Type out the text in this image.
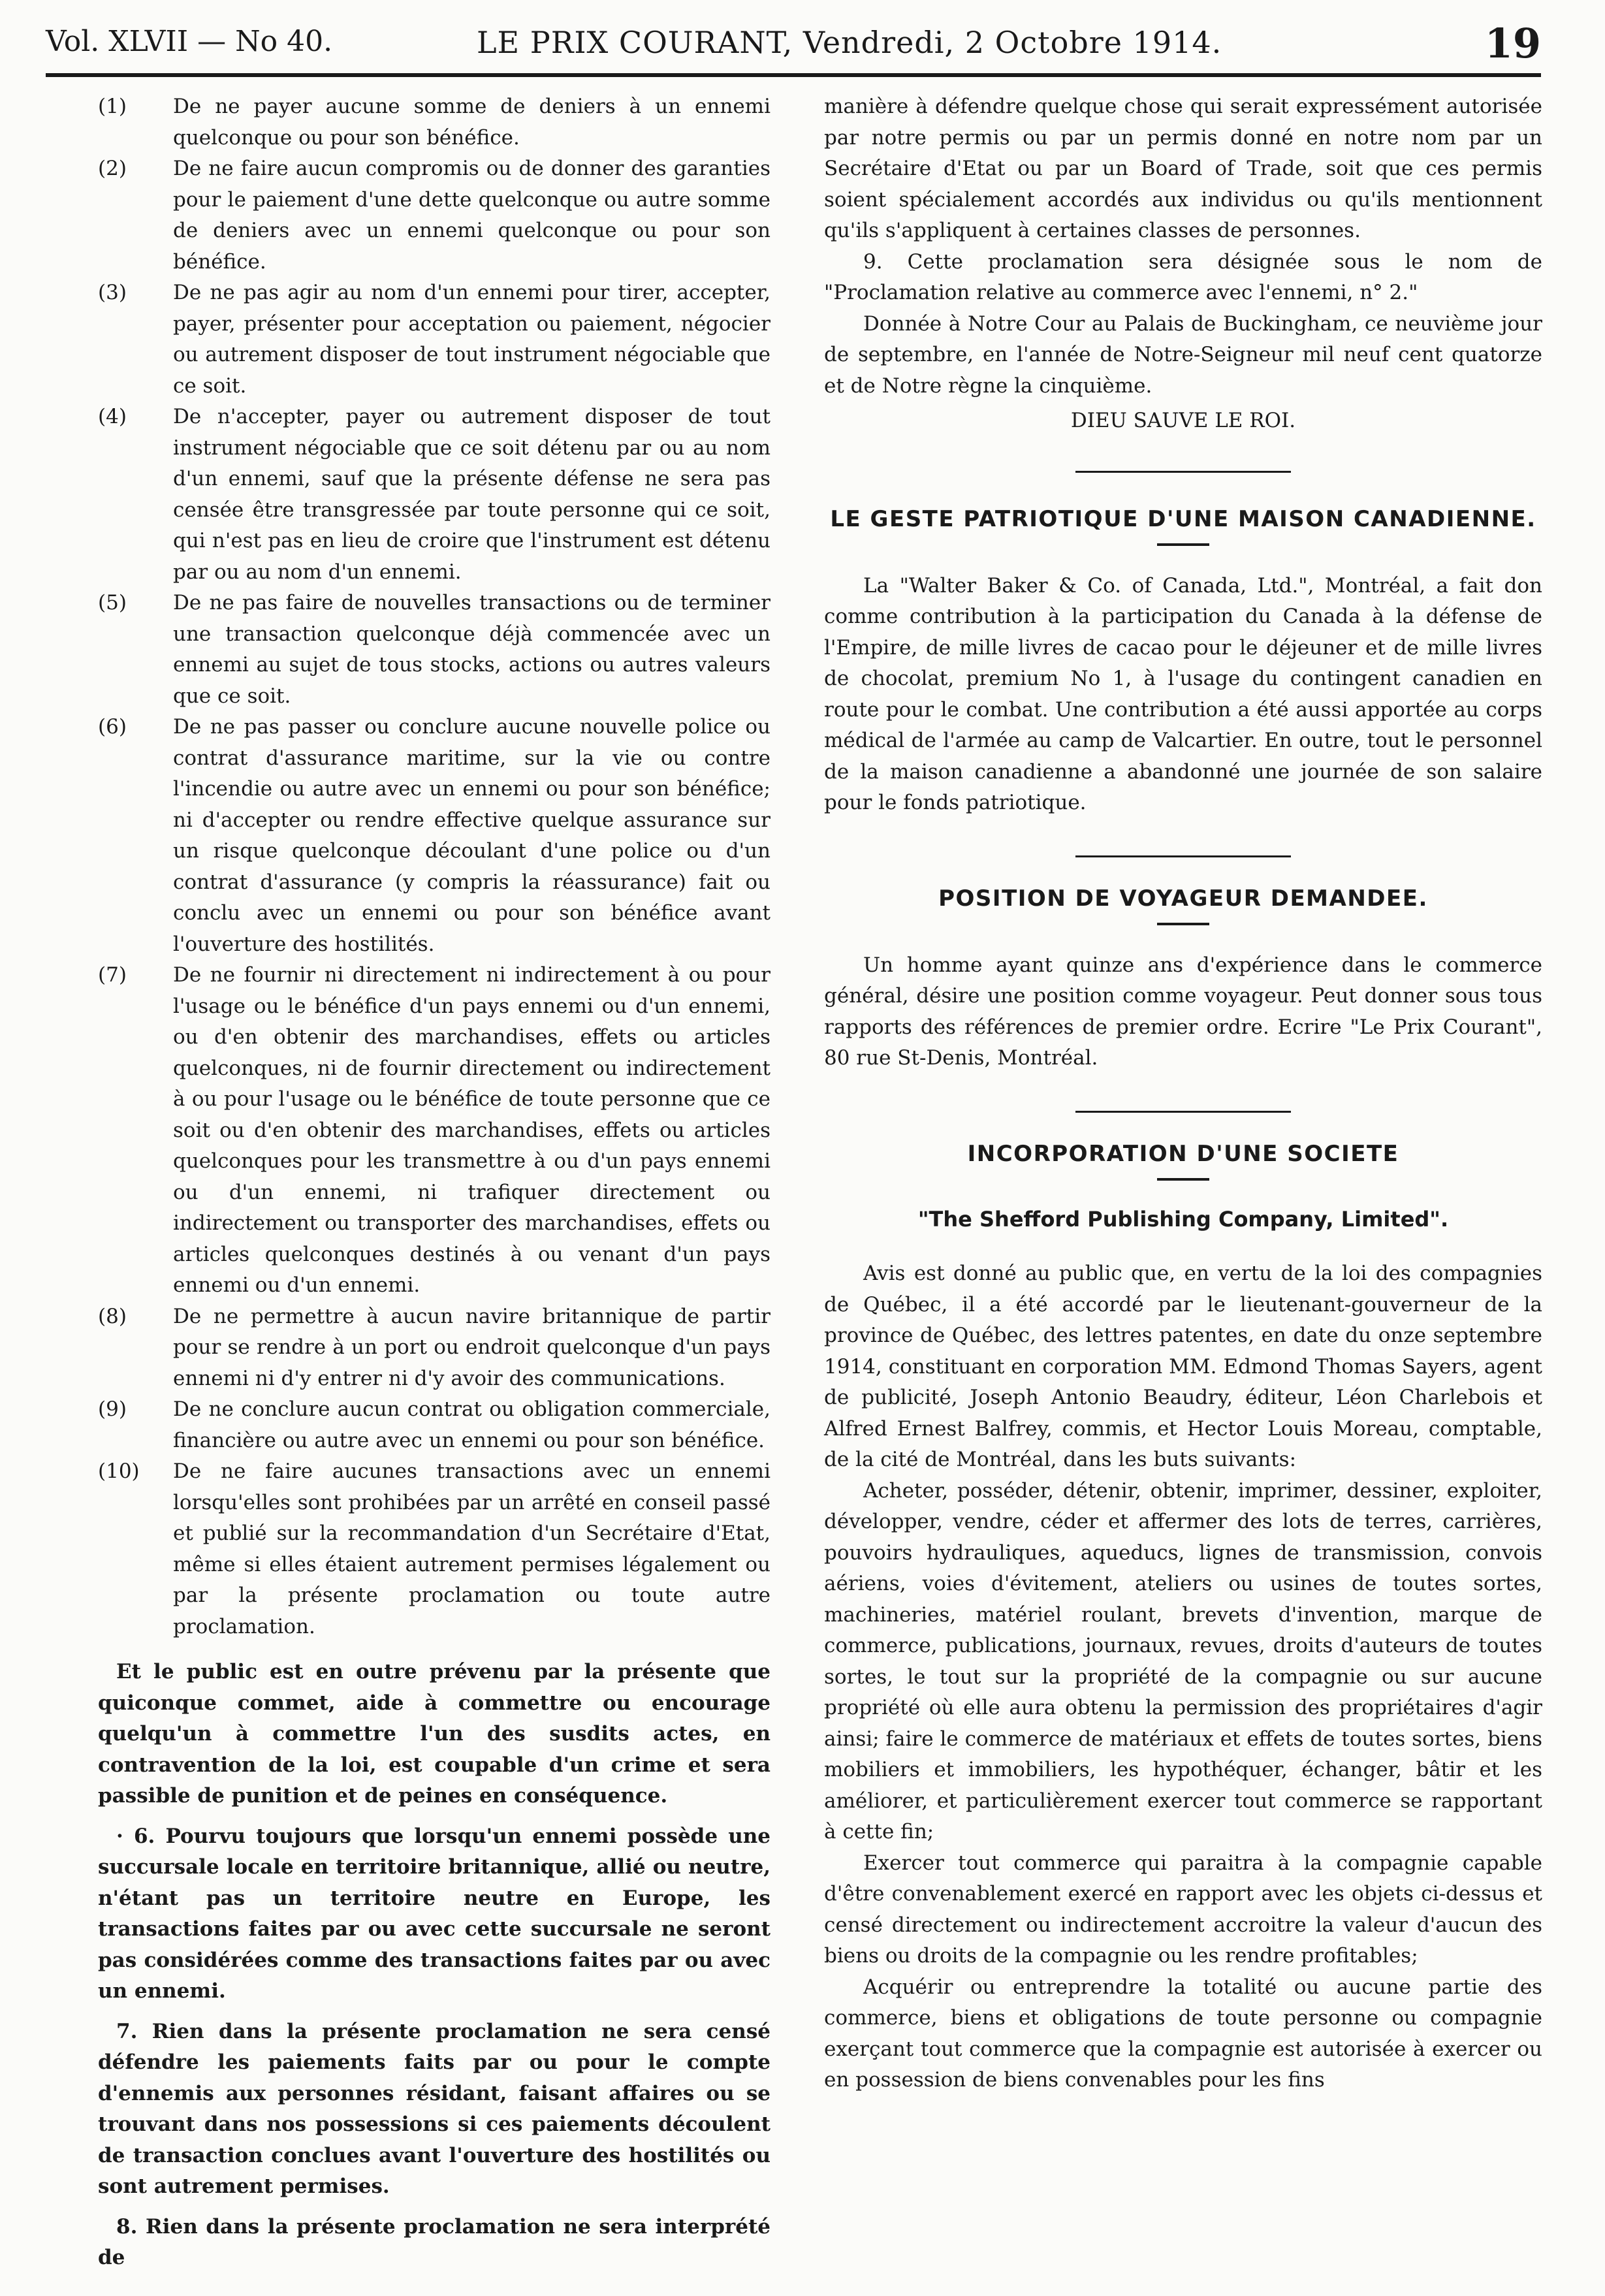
Vol. XLVII — No 40.	LE PRIX COURANT, Vendredi, 2 Octobre 1914.	19
(1) De ne payer aucune somme de deniers à un ennemi quelconque ou pour son bénéfice.
(2) De ne faire aucun compromis ou de donner des garanties pour le paiement d'une dette quelconque ou autre somme de deniers avec un ennemi quelconque ou pour son bénéfice.
(3) De ne pas agir au nom d'un ennemi pour tirer, accepter, payer, présenter pour acceptation ou paiement, négocier ou autrement disposer de tout instrument négociable que ce soit.
(4) De n'accepter, payer ou autrement disposer de tout instrument négociable que ce soit détenu par ou au nom d'un ennemi, sauf que la présente défense ne sera pas censée être transgressée par toute personne qui ce soit, qui n'est pas en lieu de croire que l'instrument est détenu par ou au nom d'un ennemi.
(5) De ne pas faire de nouvelles transactions ou de terminer une transaction quelconque déjà commencée avec un ennemi au sujet de tous stocks, actions ou autres valeurs que ce soit.
(6) De ne pas passer ou conclure aucune nouvelle police ou contrat d'assurance maritime, sur la vie ou contre l'incendie ou autre avec un ennemi ou pour son bénéfice; ni d'accepter ou rendre effective quelque assurance sur un risque quelconque découlant d'une police ou d'un contrat d'assurance (y compris la réassurance) fait ou conclu avec un ennemi ou pour son bénéfice avant l'ouverture des hostilités.
(7) De ne fournir ni directement ni indirectement à ou pour l'usage ou le bénéfice d'un pays ennemi ou d'un ennemi, ou d'en obtenir des marchandises, effets ou articles quelconques, ni de fournir directement ou indirectement à ou pour l'usage ou le bénéfice de toute personne que ce soit ou d'en obtenir des marchandises, effets ou articles quelconques pour les transmettre à ou d'un pays ennemi ou d'un ennemi, ni trafiquer directement ou indirectement ou transporter des marchandises, effets ou articles quelconques destinés à ou venant d'un pays ennemi ou d'un ennemi.
(8) De ne permettre à aucun navire britannique de partir pour se rendre à un port ou endroit quelconque d'un pays ennemi ni d'y entrer ni d'y avoir des communications.
(9) De ne conclure aucun contrat ou obligation commerciale, financière ou autre avec un ennemi ou pour son bénéfice.
(10) De ne faire aucunes transactions avec un ennemi lorsqu'elles sont prohibées par un arrêté en conseil passé et publié sur la recommandation d'un Secrétaire d'Etat, même si elles étaient autrement permises légalement ou par la présente proclamation ou toute autre proclamation.

Et le public est en outre prévenu par la présente que quiconque commet, aide à commettre ou encourage quelqu'un à commettre l'un des susdits actes, en contravention de la loi, est coupable d'un crime et sera passible de punition et de peines en conséquence.

· 6. Pourvu toujours que lorsqu'un ennemi possède une succursale locale en territoire britannique, allié ou neutre, n'étant pas un territoire neutre en Europe, les transactions faites par ou avec cette succursale ne seront pas considérées comme des transactions faites par ou avec un ennemi.

7. Rien dans la présente proclamation ne sera censé défendre les paiements faits par ou pour le compte d'ennemis aux personnes résidant, faisant affaires ou se trouvant dans nos possessions si ces paiements découlent de transaction conclues avant l'ouverture des hostilités ou sont autrement permises.

8. Rien dans la présente proclamation ne sera interprété de

manière à défendre quelque chose qui serait expressément autorisée par notre permis ou par un permis donné en notre nom par un Secrétaire d'Etat ou par un Board of Trade, soit que ces permis soient spécialement accordés aux individus ou qu'ils mentionnent qu'ils s'appliquent à certaines classes de personnes.

9. Cette proclamation sera désignée sous le nom de "Proclamation relative au commerce avec l'ennemi, n° 2."

Donnée à Notre Cour au Palais de Buckingham, ce neuvième jour de septembre, en l'année de Notre-Seigneur mil neuf cent quatorze et de Notre règne la cinquième.

DIEU SAUVE LE ROI.

LE GESTE PATRIOTIQUE D'UNE MAISON CANADIENNE.

La "Walter Baker & Co. of Canada, Ltd.", Montréal, a fait don comme contribution à la participation du Canada à la défense de l'Empire, de mille livres de cacao pour le déjeuner et de mille livres de chocolat, premium No 1, à l'usage du contingent canadien en route pour le combat. Une contribution a été aussi apportée au corps médical de l'armée au camp de Valcartier. En outre, tout le personnel de la maison canadienne a abandonné une journée de son salaire pour le fonds patriotique.

POSITION DE VOYAGEUR DEMANDEE.

Un homme ayant quinze ans d'expérience dans le commerce général, désire une position comme voyageur. Peut donner sous tous rapports des références de premier ordre. Ecrire "Le Prix Courant", 80 rue St-Denis, Montréal.

INCORPORATION D'UNE SOCIETE

"The Shefford Publishing Company, Limited".

Avis est donné au public que, en vertu de la loi des compagnies de Québec, il a été accordé par le lieutenant-gouverneur de la province de Québec, des lettres patentes, en date du onze septembre 1914, constituant en corporation MM. Edmond Thomas Sayers, agent de publicité, Joseph Antonio Beaudry, éditeur, Léon Charlebois et Alfred Ernest Balfrey, commis, et Hector Louis Moreau, comptable, de la cité de Montréal, dans les buts suivants:

Acheter, posséder, détenir, obtenir, imprimer, dessiner, exploiter, développer, vendre, céder et affermer des lots de terres, carrières, pouvoirs hydrauliques, aqueducs, lignes de transmission, convois aériens, voies d'évitement, ateliers ou usines de toutes sortes, machineries, matériel roulant, brevets d'invention, marque de commerce, publications, journaux, revues, droits d'auteurs de toutes sortes, le tout sur la propriété de la compagnie ou sur aucune propriété où elle aura obtenu la permission des propriétaires d'agir ainsi; faire le commerce de matériaux et effets de toutes sortes, biens mobiliers et immobiliers, les hypothéquer, échanger, bâtir et les améliorer, et particulièrement exercer tout commerce se rapportant à cette fin;

Exercer tout commerce qui paraitra à la compagnie capable d'être convenablement exercé en rapport avec les objets ci-dessus et censé directement ou indirectement accroitre la valeur d'aucun des biens ou droits de la compagnie ou les rendre profitables;

Acquérir ou entreprendre la totalité ou aucune partie des commerce, biens et obligations de toute personne ou compagnie exerçant tout commerce que la compagnie est autorisée à exercer ou en possession de biens convenables pour les fins
